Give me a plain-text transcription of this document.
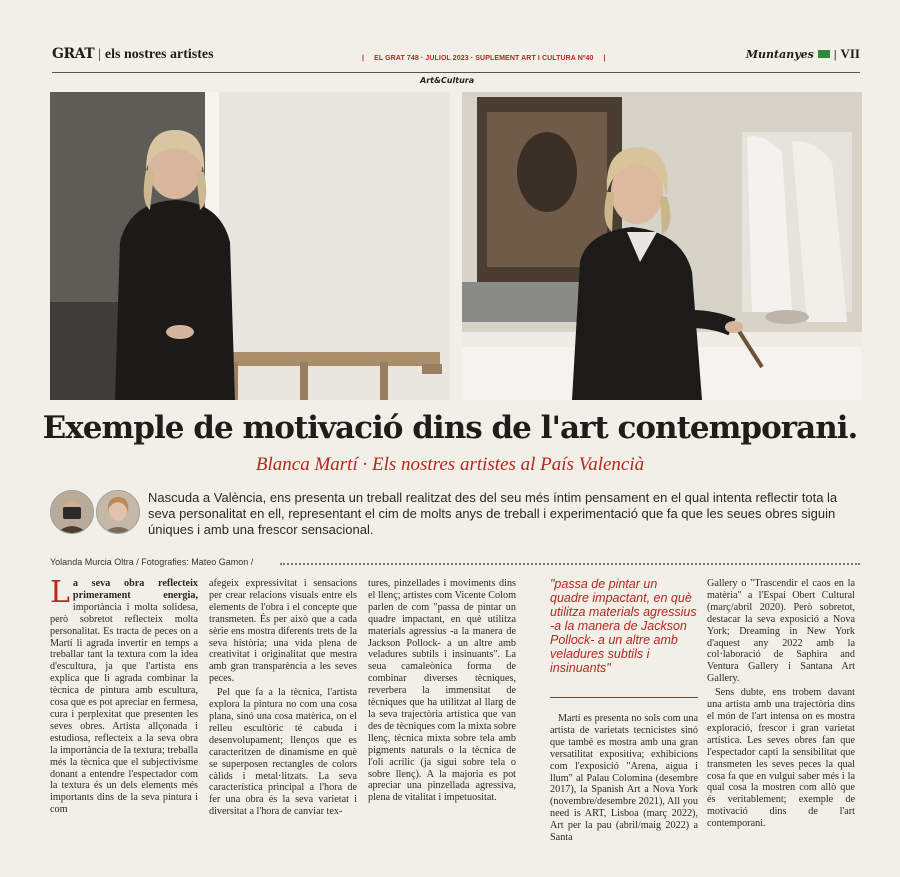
GRAT | els nostres artistes	| EL GRAT 748 · JULIOL 2023 · SUPLEMENT ART I CULTURA Nº40 |	Muntanyes | VII
Art&Cultura
Exemple de motivació dins de l'art contemporani.
Blanca Martí · Els nostres artistes al País Valencià
Nascuda a València, ens presenta un treball realitzat des del seu més íntim pensament en el qual intenta reflectir tota la seva personalitat en ell, representant el cim de molts anys de treball i experimentació que fa que les seues obres siguin úniques i amb una frescor sensacional.
Yolanda Murcia Oltra / Fotografies: Mateo Gamon /

La seva obra reflecteix primerament energia, importància i molta solidesa, però sobretot reflecteix molta personalitat. Es tracta de peces on a Martí li agrada invertir en temps a treballar tant la textura com la idea d'escultura, ja que l'artista ens explica que li agrada combinar la tècnica de pintura amb escultura, cosa que es pot apreciar en fermesa, cura i perplexitat que presenten les seves obres. Artista allçonada i estudiosa, reflecteix a la seva obra la importància de la textura; treballa més la tècnica que el subjectivisme donant a entendre l'espectador com la textura és un dels elements més importants dins de la seva pintura i com

afegeix expressivitat i sensacions per crear relacions visuals entre els elements de l'obra i el concepte que transmeten. És per això que a cada sèrie ens mostra diferents trets de la seva història; una vida plena de creativitat i originalitat que mestra amb gran transparència a les seves peces.

Pel que fa a la tècnica, l'artista explora la pintura no com una cosa plana, sinó una cosa matèrica, on el relleu escultòric té cabuda i desenvolupament; llenços que es caracteritzen de dinamisme en què se superposen rectangles de colors càlids i metal·litzats. La seva característica principal a l'hora de fer una obra és la seva varietat i diversitat a l'hora de canviar tex-

tures, pinzellades i moviments dins el llenç; artistes com Vicente Colom parlen de com "passa de pintar un quadre impactant, en què utilitza materials agressius -a la manera de Jackson Pollock- a un altre amb veladures subtils i insinuants". La seua camaleònica forma de combinar diverses tècniques, reverbera la immensitat de tècniques que ha utilitzat al llarg de la seva trajectòria artística que van des de tècniques com la mixta sobre llenç, tècnica mixta sobre tela amb pigments naturals o la tècnica de l'oli acrílic (ja sigui sobre tela o sobre llenç). A la majoria es pot apreciar una pinzellada agressiva, plena de vitalitat i impetuositat.

"passa de pintar un quadre impactant, en què utilitza materials agressius -a la manera de Jackson Pollock- a un altre amb veladures subtils i insinuants"

Martí es presenta no sols com una artista de varietats tecnicistes sinó que també es mostra amb una gran versatilitat expositiva; exhibicions com l'exposició "Arena, aigua i llum" al Palau Colomina (desembre 2017), la Spanish Art a Nova York (novembre/desembre 2021), All you need is ART, Lisboa (març 2022), Art per la pau (abril/maig 2022) a Santa

Gallery o "Trascendir el caos en la matèria" a l'Espai Obert Cultural (març/abril 2020). Però sobretot, destacar la seva exposició a Nova York; Dreaming in New York d'aquest any 2022 amb la col·laboració de Saphira and Ventura Gallery i Santana Art Gallery.

Sens dubte, ens trobem davant una artista amb una trajectòria dins el món de l'art intensa on es mostra exploració, frescor i gran varietat artística. Les seves obres fan que l'espectador capti la sensibilitat que transmeten les seves peces la qual cosa fa que en vulgui saber més i la qual cosa la mostren com allò que és veritablement; exemple de motivació dins de l'art contemporani.
